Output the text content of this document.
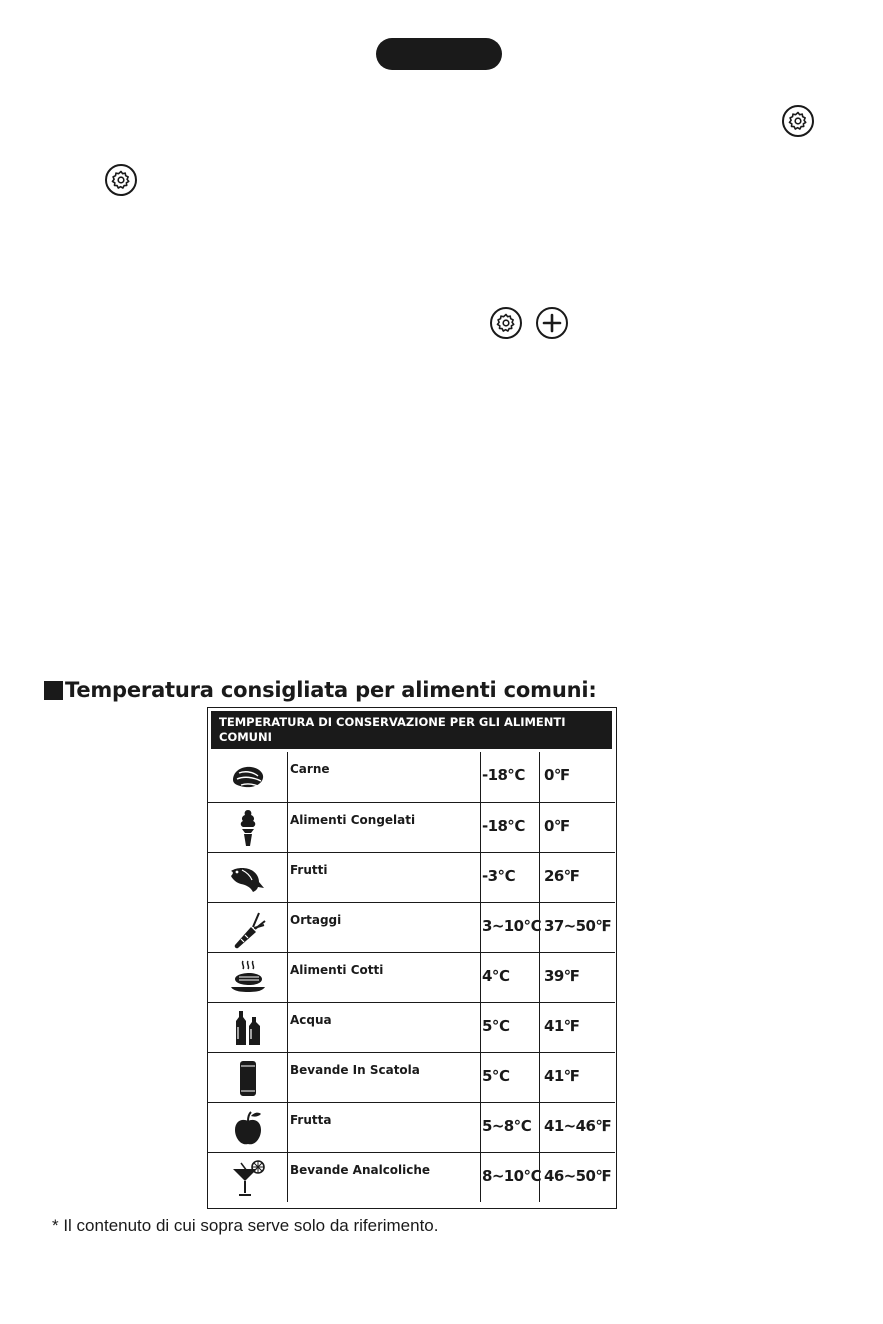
Temperatura consigliata per alimenti comuni:
TEMPERATURA DI CONSERVAZIONE PER GLI ALIMENTI COMUNI
Carne	-18℃	0℉
Alimenti Congelati	-18℃	0℉
Frutti	-3℃	26℉
Ortaggi	3~10℃ 37~50℉
Alimenti Cotti	4℃	39℉
Acqua	5℃	41℉
Bevande In Scatola	5℃	41℉
Frutta	5~8℃ 41~46℉
Bevande Analcoliche	8~10℃ 46~50℉
* Il contenuto di cui sopra serve solo da riferimento.
